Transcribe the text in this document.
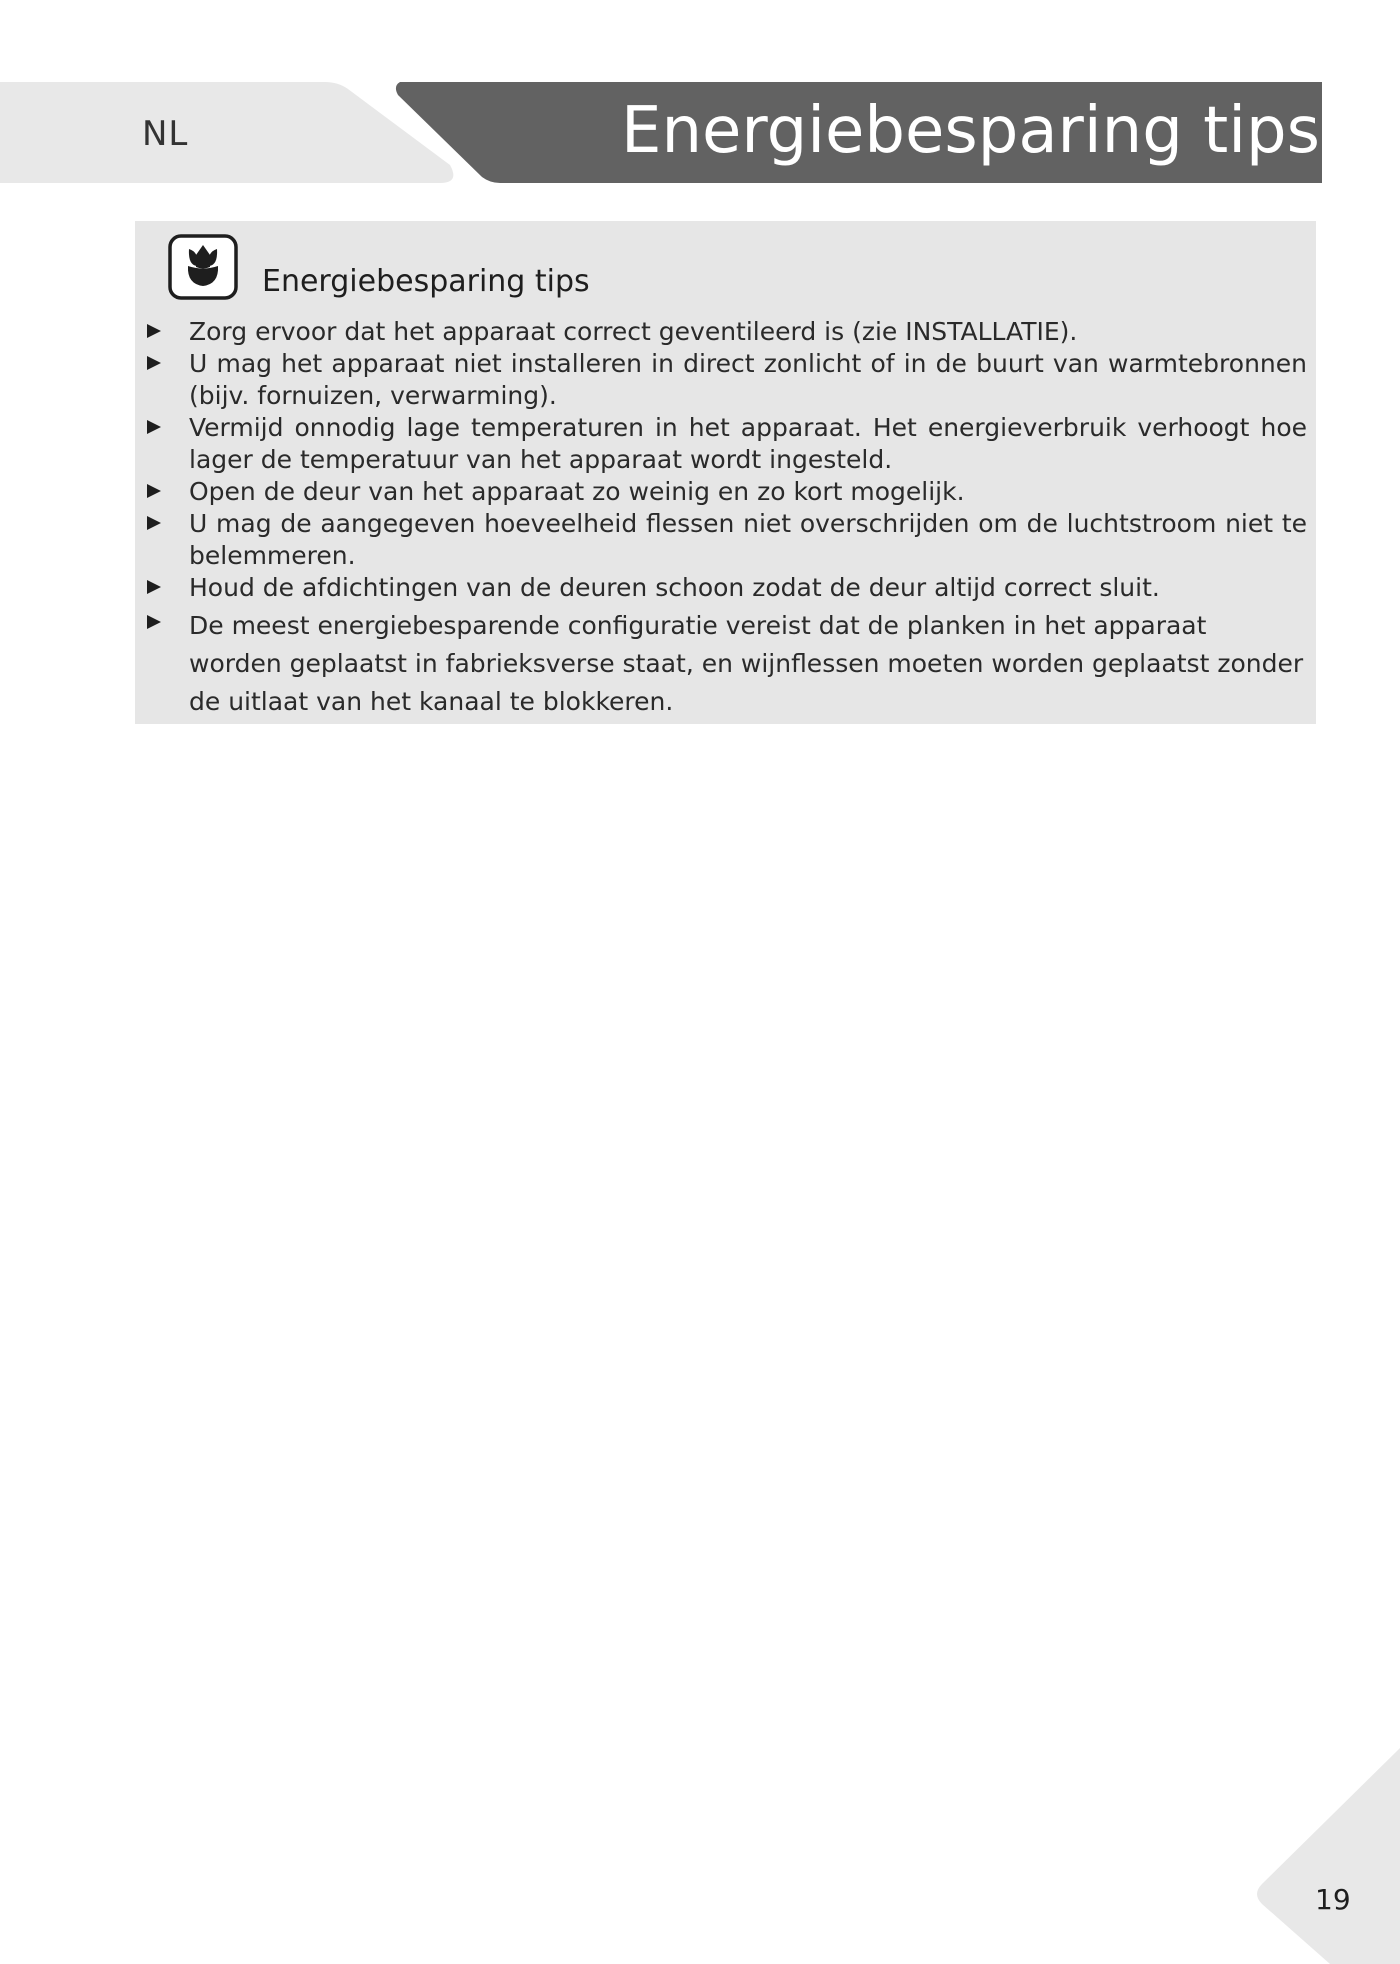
NL	Energiebesparing tips
Energiebesparing tips
Zorg ervoor dat het apparaat correct geventileerd is (zie INSTALLATIE).
U mag het apparaat niet installeren in direct zonlicht of in de buurt van warmtebronnen (bijv. fornuizen, verwarming).
Vermijd onnodig lage temperaturen in het apparaat. Het energieverbruik verhoogt hoe lager de temperatuur van het apparaat wordt ingesteld.
Open de deur van het apparaat zo weinig en zo kort mogelijk.
U mag de aangegeven hoeveelheid flessen niet overschrijden om de luchtstroom niet te belemmeren.
Houd de afdichtingen van de deuren schoon zodat de deur altijd correct sluit.
De meest energiebesparende configuratie vereist dat de planken in het apparaat worden geplaatst in fabrieksverse staat, en wijnflessen moeten worden geplaatst zonder de uitlaat van het kanaal te blokkeren.
19
